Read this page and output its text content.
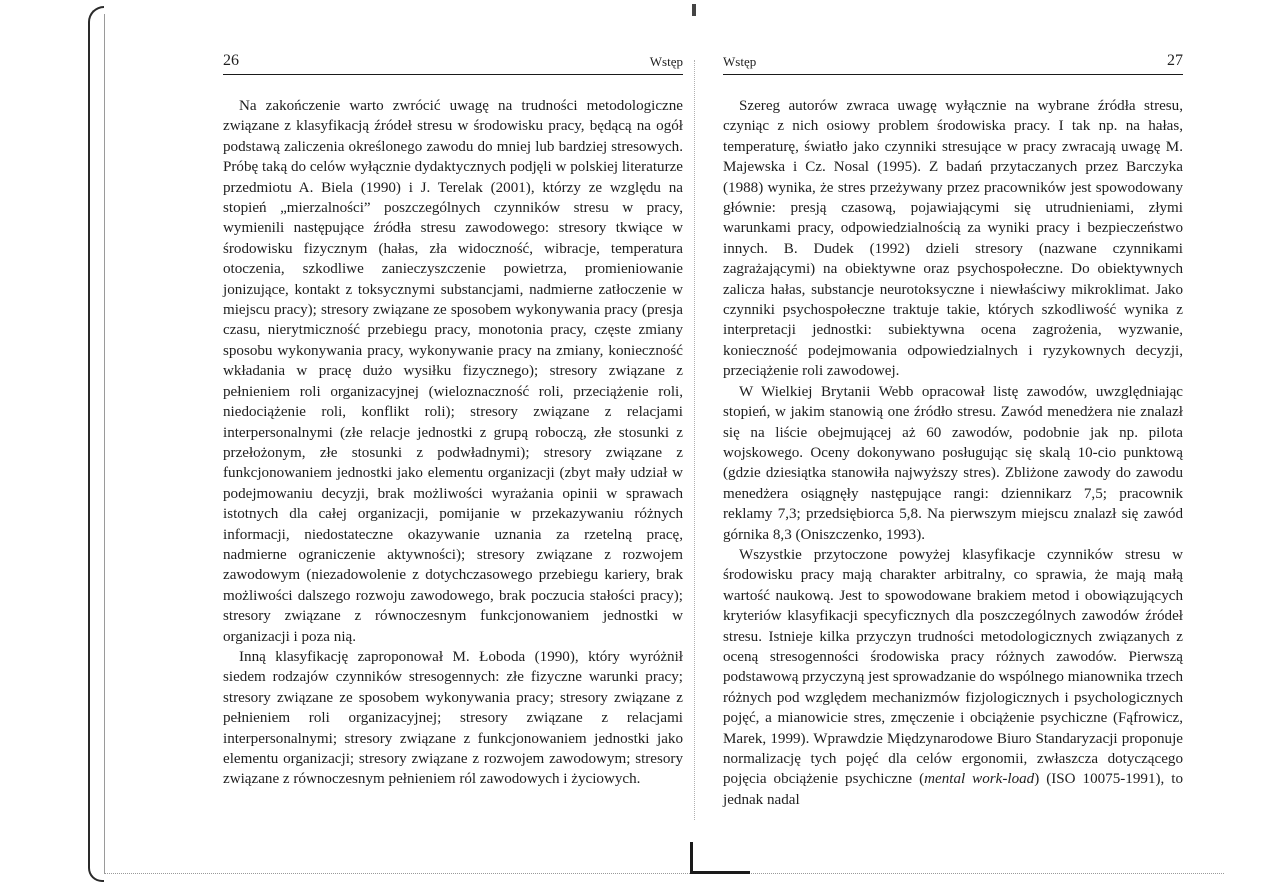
26	Wstęp

Na zakończenie warto zwrócić uwagę na trudności metodologiczne związane z klasyfikacją źródeł stresu w środowisku pracy, będącą na ogół podstawą zaliczenia określonego zawodu do mniej lub bardziej stresowych. Próbę taką do celów wyłącznie dydaktycznych podjęli w polskiej literaturze przedmiotu A. Biela (1990) i J. Terelak (2001), którzy ze względu na stopień „mierzalności” poszczególnych czynników stresu w pracy, wymienili następujące źródła stresu zawodowego: stresory tkwiące w środowisku fizycznym (hałas, zła widoczność, wibracje, temperatura otoczenia, szkodliwe zanieczyszczenie powietrza, promieniowanie jonizujące, kontakt z toksycznymi substancjami, nadmierne zatłoczenie w miejscu pracy); stresory związane ze sposobem wykonywania pracy (presja czasu, nierytmiczność przebiegu pracy, monotonia pracy, częste zmiany sposobu wykonywania pracy, wykonywanie pracy na zmiany, konieczność wkładania w pracę dużo wysiłku fizycznego); stresory związane z pełnieniem roli organizacyjnej (wieloznaczność roli, przeciążenie roli, niedociążenie roli, konflikt roli); stresory związane z relacjami interpersonalnymi (złe relacje jednostki z grupą roboczą, złe stosunki z przełożonym, złe stosunki z podwładnymi); stresory związane z funkcjonowaniem jednostki jako elementu organizacji (zbyt mały udział w podejmowaniu decyzji, brak możliwości wyrażania opinii w sprawach istotnych dla całej organizacji, pomijanie w przekazywaniu różnych informacji, niedostateczne okazywanie uznania za rzetelną pracę, nadmierne ograniczenie aktywności); stresory związane z rozwojem zawodowym (niezadowolenie z dotychczasowego przebiegu kariery, brak możliwości dalszego rozwoju zawodowego, brak poczucia stałości pracy); stresory związane z równoczesnym funkcjonowaniem jednostki w organizacji i poza nią.

Inną klasyfikację zaproponował M. Łoboda (1990), który wyróżnił siedem rodzajów czynników stresogennych: złe fizyczne warunki pracy; stresory związane ze sposobem wykonywania pracy; stresory związane z pełnieniem roli organizacyjnej; stresory związane z relacjami interpersonalnymi; stresory związane z funkcjonowaniem jednostki jako elementu organizacji; stresory związane z rozwojem zawodowym; stresory związane z równoczesnym pełnieniem ról zawodowych i życiowych.

Wstęp	27

Szereg autorów zwraca uwagę wyłącznie na wybrane źródła stresu, czyniąc z nich osiowy problem środowiska pracy. I tak np. na hałas, temperaturę, światło jako czynniki stresujące w pracy zwracają uwagę M. Majewska i Cz. Nosal (1995). Z badań przytaczanych przez Barczyka (1988) wynika, że stres przeżywany przez pracowników jest spowodowany głównie: presją czasową, pojawiającymi się utrudnieniami, złymi warunkami pracy, odpowiedzialnością za wyniki pracy i bezpieczeństwo innych. B. Dudek (1992) dzieli stresory (nazwane czynnikami zagrażającymi) na obiektywne oraz psychospołeczne. Do obiektywnych zalicza hałas, substancje neurotoksyczne i niewłaściwy mikroklimat. Jako czynniki psychospołeczne traktuje takie, których szkodliwość wynika z interpretacji jednostki: subiektywna ocena zagrożenia, wyzwanie, konieczność podejmowania odpowiedzialnych i ryzykownych decyzji, przeciążenie roli zawodowej.

W Wielkiej Brytanii Webb opracował listę zawodów, uwzględniając stopień, w jakim stanowią one źródło stresu. Zawód menedżera nie znalazł się na liście obejmującej aż 60 zawodów, podobnie jak np. pilota wojskowego. Oceny dokonywano posługując się skalą 10-cio punktową (gdzie dziesiątka stanowiła najwyższy stres). Zbliżone zawody do zawodu menedżera osiągnęły następujące rangi: dziennikarz 7,5; pracownik reklamy 7,3; przedsiębiorca 5,8. Na pierwszym miejscu znalazł się zawód górnika 8,3 (Oniszczenko, 1993).

Wszystkie przytoczone powyżej klasyfikacje czynników stresu w środowisku pracy mają charakter arbitralny, co sprawia, że mają małą wartość naukową. Jest to spowodowane brakiem metod i obowiązujących kryteriów klasyfikacji specyficznych dla poszczególnych zawodów źródeł stresu. Istnieje kilka przyczyn trudności metodologicznych związanych z oceną stresogenności środowiska pracy różnych zawodów. Pierwszą podstawową przyczyną jest sprowadzanie do wspólnego mianownika trzech różnych pod względem mechanizmów fizjologicznych i psychologicznych pojęć, a mianowicie stres, zmęczenie i obciążenie psychiczne (Fąfrowicz, Marek, 1999). Wprawdzie Międzynarodowe Biuro Standaryzacji proponuje normalizację tych pojęć dla celów ergonomii, zwłaszcza dotyczącego pojęcia obciążenie psychiczne (mental work-load) (ISO 10075-1991), to jednak nadal
